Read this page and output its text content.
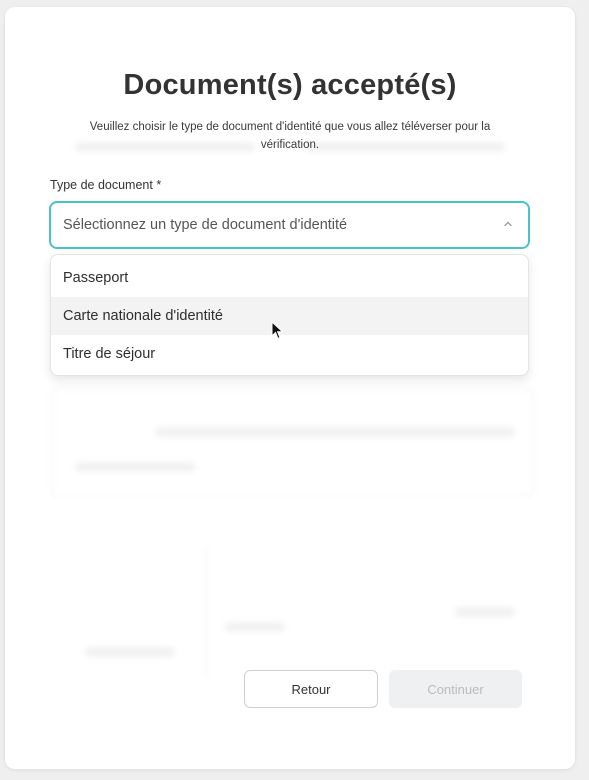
Document(s) accepté(s)
Veuillez choisir le type de document d'identité que vous allez téléverser pour la vérification.
Type de document *
Sélectionnez un type de document d'identité
Passeport
Carte nationale d'identité
Titre de séjour
Retour	Continuer
